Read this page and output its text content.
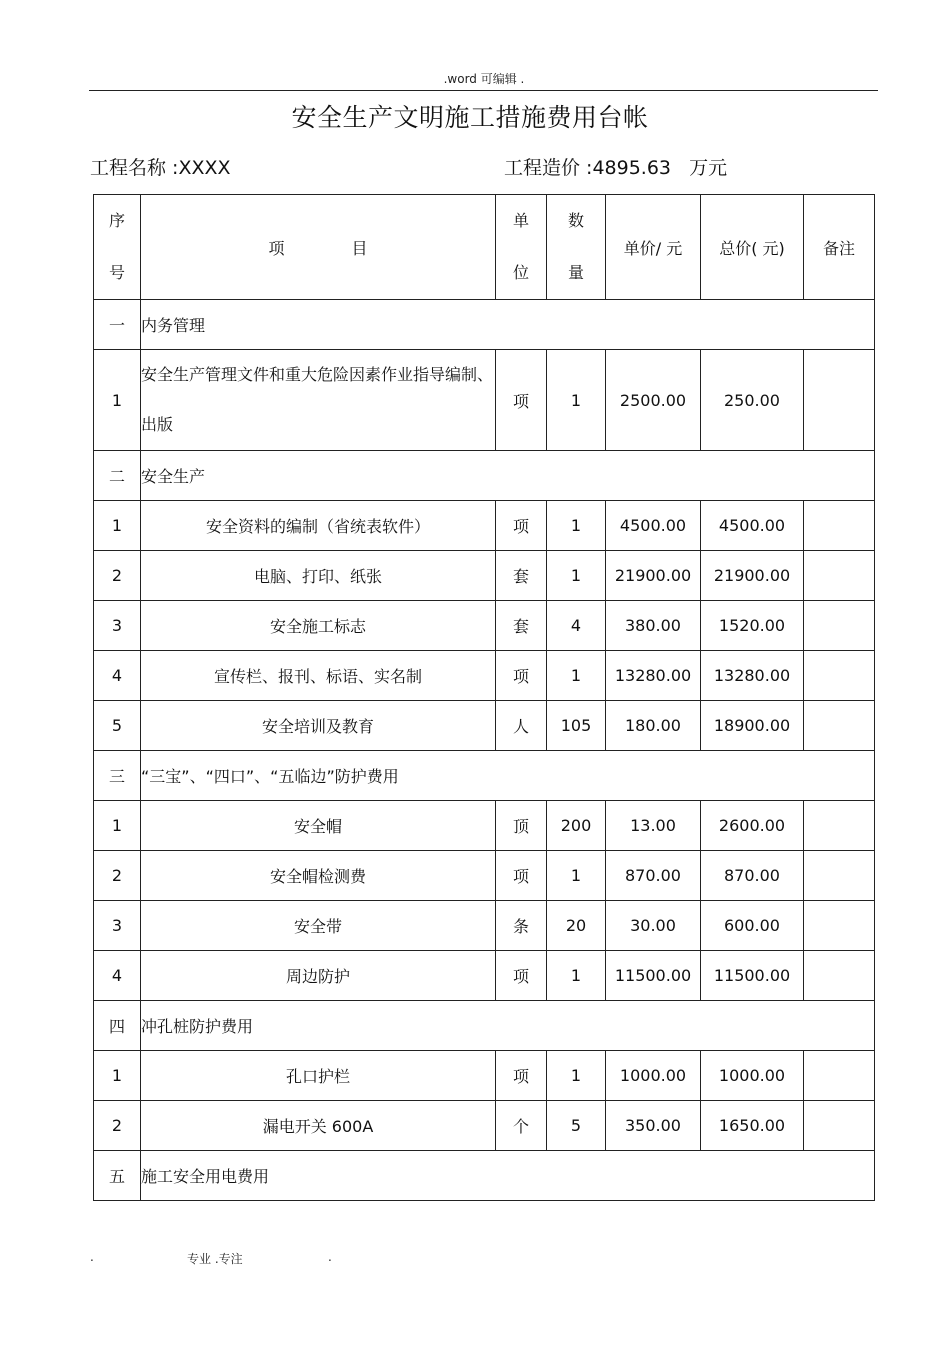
.word 可编辑 .
安全生产文明施工措施费用台帐
工程名称 :XXXX	工程造价 :4895.63   万元
序号	项 目	单位	数量	单价/ 元	总价( 元)	备注
一	内务管理					
1	安全生产管理文件和重大危险因素作业指导编制、出版	项	1	2500.00	250.00	
二	安全生产					
1	安全资料的编制（省统表软件）	项	1	4500.00	4500.00	
2	电脑、打印、纸张	套	1	21900.00	21900.00	
3	安全施工标志	套	4	380.00	1520.00	
4	宣传栏、报刊、标语、实名制	项	1	13280.00	13280.00	
5	安全培训及教育	人	105	180.00	18900.00	
三	“三宝”、“四口”、“五临边”防护费用					
1	安全帽	顶	200	13.00	2600.00	
2	安全帽检测费	项	1	870.00	870.00	
3	安全带	条	20	30.00	600.00	
4	周边防护	项	1	11500.00	11500.00	
四	冲孔桩防护费用					
1	孔口护栏	项	1	1000.00	1000.00	
2	漏电开关 600A	个	5	350.00	1650.00	
五	施工安全用电费用					
.	专业 .专注	.
